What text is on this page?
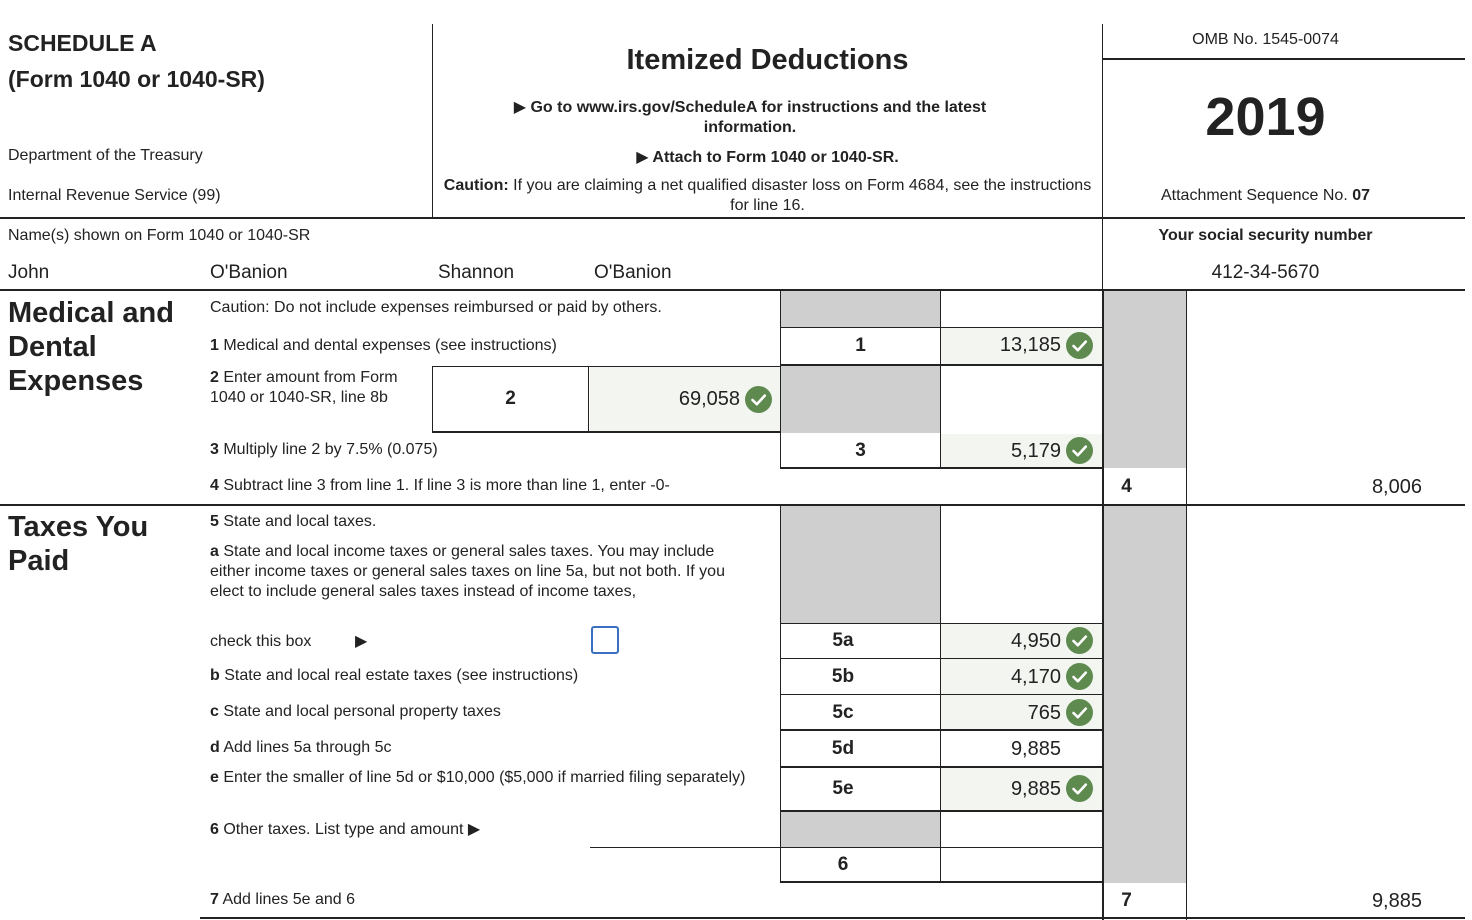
SCHEDULE A
(Form 1040 or 1040-SR)
Department of the Treasury
Internal Revenue Service (99)
Itemized Deductions
▶ Go to www.irs.gov/ScheduleA for instructions and the latest information.
▶ Attach to Form 1040 or 1040-SR.
Caution: If you are claiming a net qualified disaster loss on Form 4684, see the instructions for line 16.
OMB No. 1545-0074
2019
Attachment Sequence No. 07
Name(s) shown on Form 1040 or 1040-SR	Your social security number
John	O'Banion	Shannon	O'Banion	412-34-5670
Medical and Dental Expenses
Caution: Do not include expenses reimbursed or paid by others.
1 Medical and dental expenses (see instructions)	1	13,185
2 Enter amount from Form 1040 or 1040-SR, line 8b	2	69,058
3 Multiply line 2 by 7.5% (0.075)	3	5,179
4 Subtract line 3 from line 1. If line 3 is more than line 1, enter -0-	4	8,006
Taxes You Paid
5 State and local taxes.
a State and local income taxes or general sales taxes. You may include either income taxes or general sales taxes on line 5a, but not both. If you elect to include general sales taxes instead of income taxes,
check this box	▶	5a	4,950
b State and local real estate taxes (see instructions)	5b	4,170
c State and local personal property taxes	5c	765
d Add lines 5a through 5c	5d	9,885
e Enter the smaller of line 5d or $10,000 ($5,000 if married filing separately)
5e	9,885
6 Other taxes. List type and amount ▶
6
7 Add lines 5e and 6	7	9,885
